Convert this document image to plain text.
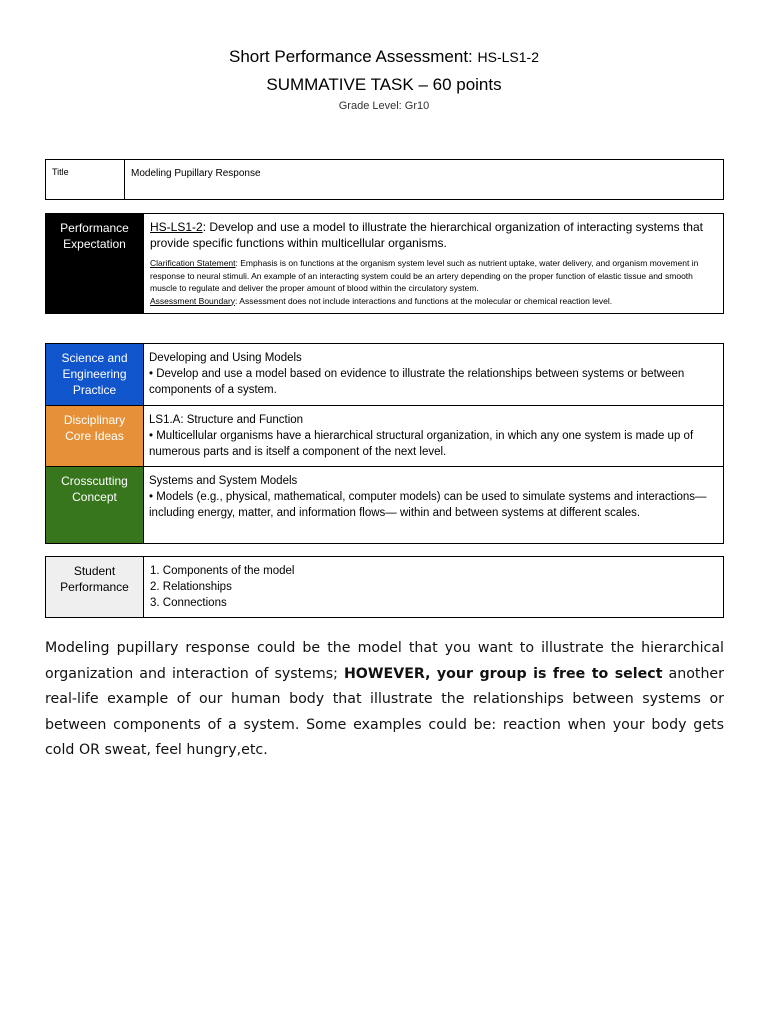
Short Performance Assessment: HS-LS1-2
SUMMATIVE TASK – 60 points
Grade Level: Gr10
Title	Modeling Pupillary Response
Performance Expectation	
HS-LS1-2: Develop and use a model to illustrate the hierarchical organization of interacting systems that provide specific functions within multicellular organisms.
Clarification Statement: Emphasis is on functions at the organism system level such as nutrient uptake, water delivery, and organism movement in response to neural stimuli. An example of an interacting system could be an artery depending on the proper function of elastic tissue and smooth muscle to regulate and deliver the proper amount of blood within the circulatory system.
Assessment Boundary: Assessment does not include interactions and functions at the molecular or chemical reaction level.
Science and Engineering Practice	Developing and Using Models
• Develop and use a model based on evidence to illustrate the relationships between systems or between components of a system.

Disciplinary Core Ideas	LS1.A: Structure and Function
• Multicellular organisms have a hierarchical structural organization, in which any one system is made up of numerous parts and is itself a component of the next level.

Crosscutting Concept	Systems and System Models
• Models (e.g., physical, mathematical, computer models) can be used to simulate systems and interactions—including energy, matter, and information flows— within and between systems at different scales.
Student Performance	
1. Components of the model
2. Relationships
3. Connections
Modeling pupillary response could be the model that you want to illustrate the hierarchical organization and interaction of systems; HOWEVER, your group is free to select another real-life example of our human body that illustrate the relationships between systems or between components of a system. Some examples could be: reaction when your body gets cold OR sweat, feel hungry,etc.
